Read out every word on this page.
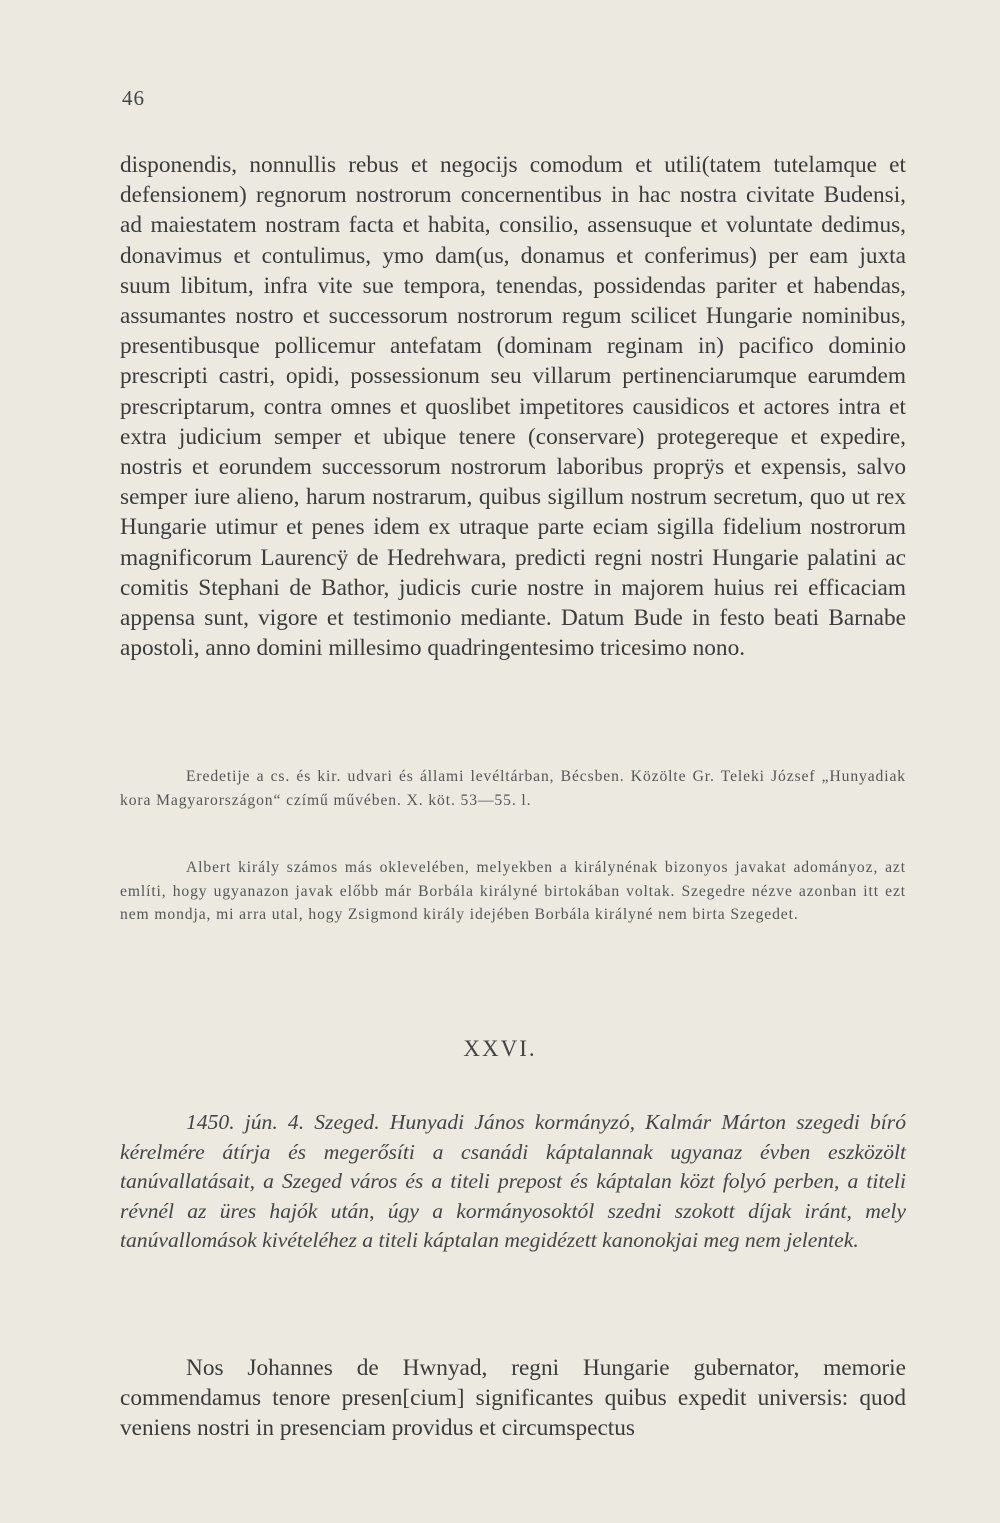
46

disponendis, nonnullis rebus et negocijs comodum et utili(tatem tutelamque et defensionem) regnorum nostrorum concernentibus in hac nostra civitate Budensi, ad maiestatem nostram facta et habita, consilio, assensuque et voluntate dedimus, donavimus et contulimus, ymo dam(us, donamus et conferimus) per eam juxta suum libitum, infra vite sue tempora, tenendas, possidendas pariter et habendas, assumantes nostro et successorum nostrorum regum scilicet Hungarie nominibus, presentibusque pollicemur antefatam (dominam reginam in) pacifico dominio prescripti castri, opidi, possessionum seu villarum pertinenciarumque earumdem prescriptarum, contra omnes et quoslibet impetitores causidicos et actores intra et extra judicium semper et ubique tenere (conservare) protegereque et expedire, nostris et eorundem successorum nostrorum laboribus proprÿs et expensis, salvo semper iure alieno, harum nostrarum, quibus sigillum nostrum secretum, quo ut rex Hungarie utimur et penes idem ex utraque parte eciam sigilla fidelium nostrorum magnificorum Laurencÿ de Hedrehwara, predicti regni nostri Hungarie palatini ac comitis Stephani de Bathor, judicis curie nostre in majorem huius rei efficaciam appensa sunt, vigore et testimonio mediante. Datum Bude in festo beati Barnabe apostoli, anno domini millesimo quadringentesimo tricesimo nono.

Eredetije a cs. és kir. udvari és állami levéltárban, Bécsben. Közölte Gr. Teleki József „Hunyadiak kora Magyarországon“ czímű művében. X. köt. 53—55. l.
Albert király számos más oklevelében, melyekben a királynénak bizonyos javakat adományoz, azt említi, hogy ugyanazon javak előbb már Borbála királyné birtokában voltak. Szegedre nézve azonban itt ezt nem mondja, mi arra utal, hogy Zsigmond király idejében Borbála királyné nem birta Szegedet.
XXVI.
1450. jún. 4. Szeged. Hunyadi János kormányzó, Kalmár Márton szegedi bíró kérelmére átírja és megerősíti a csanádi káptalannak ugyanaz évben eszközölt tanúvallatásait, a Szeged város és a titeli prepost és káptalan közt folyó perben, a titeli révnél az üres hajók után, úgy a kormányosoktól szedni szokott díjak iránt, mely tanúvallomások kivételéhez a titeli káptalan megidézett kanonokjai meg nem jelentek.
Nos Johannes de Hwnyad, regni Hungarie gubernator, memorie commendamus tenore presen[cium] significantes quibus expedit universis: quod veniens nostri in presenciam providus et circumspectus
